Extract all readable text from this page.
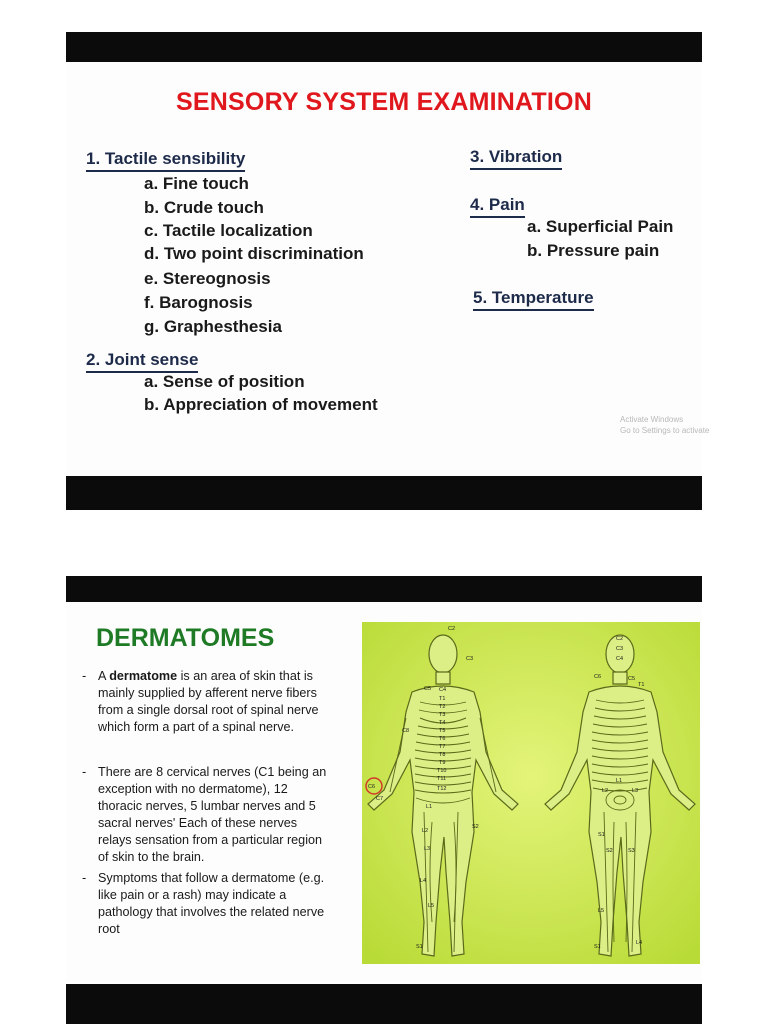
SENSORY SYSTEM EXAMINATION
1. Tactile sensibility
a. Fine touch
b. Crude touch
c. Tactile localization
d. Two point discrimination
e. Stereognosis
f. Barognosis
g. Graphesthesia
2. Joint sense
a. Sense of position
b. Appreciation of movement
3. Vibration
4. Pain
a. Superficial Pain
b. Pressure pain
5. Temperature
Activate Windows
Go to Settings to activate
DERMATOMES
- A dermatome is an area of skin that is mainly supplied by afferent nerve fibers from a single dorsal root of spinal nerve which form a part of a spinal nerve.
- There are 8 cervical nerves (C1 being an exception with no dermatome), 12 thoracic nerves, 5 lumbar nerves and 5 sacral nerves' Each of these nerves relays sensation from a particular region of skin to the brain.
- Symptoms that follow a dermatome (e.g. like pain or a rash) may indicate a pathology that involves the related nerve root
C2
C3
C4
C5
T1
T2
T3
T4
T5
T6
T7
T8
T9
T10
T11
T12
C6
C7
C8
L1
L2
L3
L4
L5
S1
S2
C2
C3
C4
C5
C6
T1
L1
L2	L3
S1
S2	S3
L4
L5
S1
